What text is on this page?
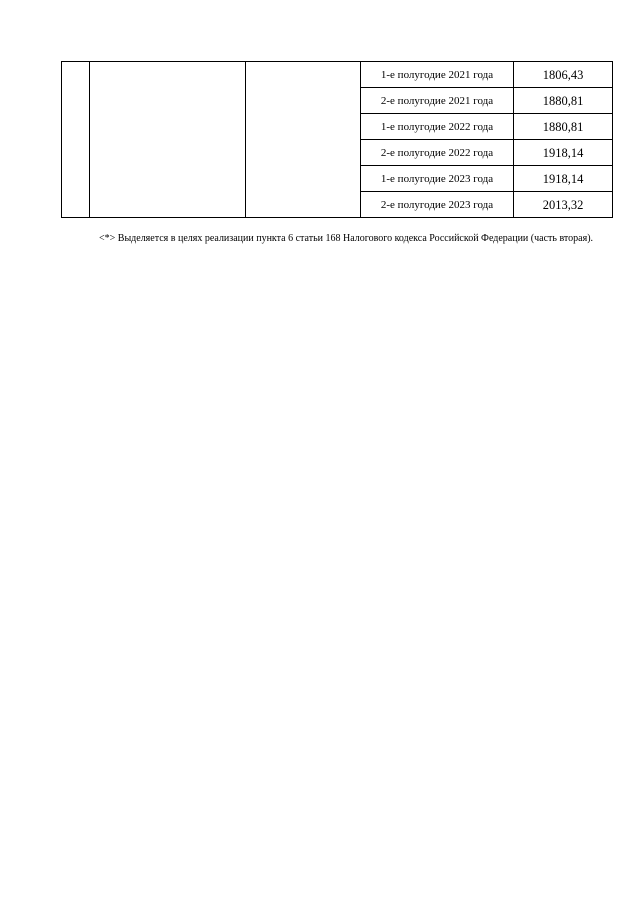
			1-е полугодие 2021 года	1806,43
			2-е полугодие 2021 года	1880,81
			1-е полугодие 2022 года	1880,81
			2-е полугодие 2022 года	1918,14
			1-е полугодие 2023 года	1918,14
			2-е полугодие 2023 года	2013,32

<*> Выделяется в целях реализации пункта 6 статьи 168 Налогового кодекса Российской Федерации (часть вторая).
